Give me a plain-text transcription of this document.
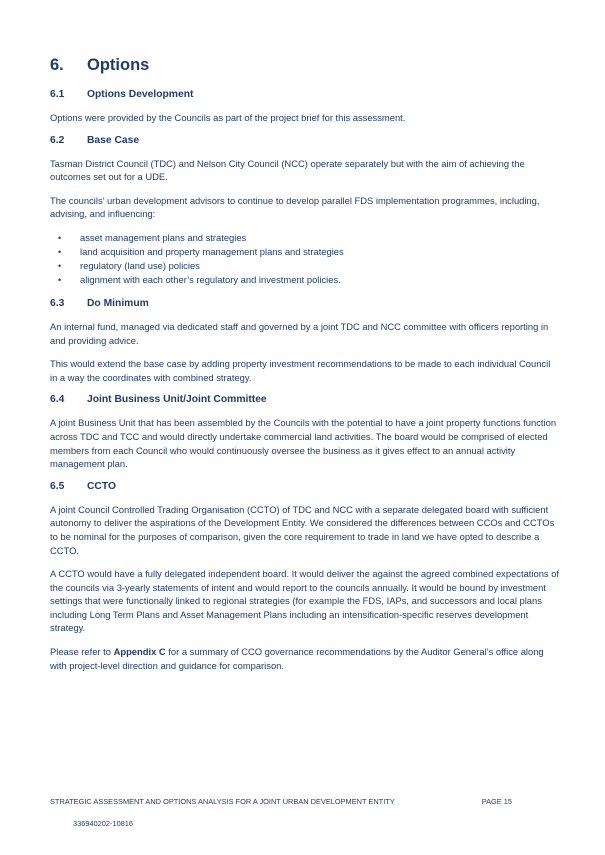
6.	Options
6.1	Options Development

Options were provided by the Councils as part of the project brief for this assessment.

6.2	Base Case

Tasman District Council (TDC) and Nelson City Council (NCC) operate separately but with the aim of achieving the outcomes set out for a UDE.

The councils’ urban development advisors to continue to develop parallel FDS implementation programmes, including, advising, and influencing:

• asset management plans and strategies
• land acquisition and property management plans and strategies
• regulatory (land use) policies
• alignment with each other’s regulatory and investment policies.
6.3	Do Minimum

An internal fund, managed via dedicated staff and governed by a joint TDC and NCC committee with officers reporting in and providing advice.

This would extend the base case by adding property investment recommendations to be made to each individual Council in a way the coordinates with combined strategy.

6.4	Joint Business Unit/Joint Committee

A joint Business Unit that has been assembled by the Councils with the potential to have a joint property functions function across TDC and TCC and would directly undertake commercial land activities. The board would be comprised of elected members from each Council who would continuously oversee the business as it gives effect to an annual activity management plan.

6.5	CCTO

A joint Council Controlled Trading Organisation (CCTO) of TDC and NCC with a separate delegated board with sufficient autonomy to deliver the aspirations of the Development Entity. We considered the differences between CCOs and CCTOs to be nominal for the purposes of comparison, given the core requirement to trade in land we have opted to describe a CCTO.

A CCTO would have a fully delegated independent board. It would deliver the against the agreed combined expectations of the councils via 3-yearly statements of intent and would report to the councils annually. It would be bound by investment settings that were functionally linked to regional strategies (for example the FDS, IAPs, and successors and local plans including Long Term Plans and Asset Management Plans including an intensification-specific reserves development strategy.

Please refer to Appendix C for a summary of CCO governance recommendations by the Auditor General’s office along with project-level direction and guidance for comparison.

STRATEGIC ASSESSMENT AND OPTIONS ANALYSIS FOR A JOINT URBAN DEVELOPMENT ENTITY	PAGE 15
336940202-10816
